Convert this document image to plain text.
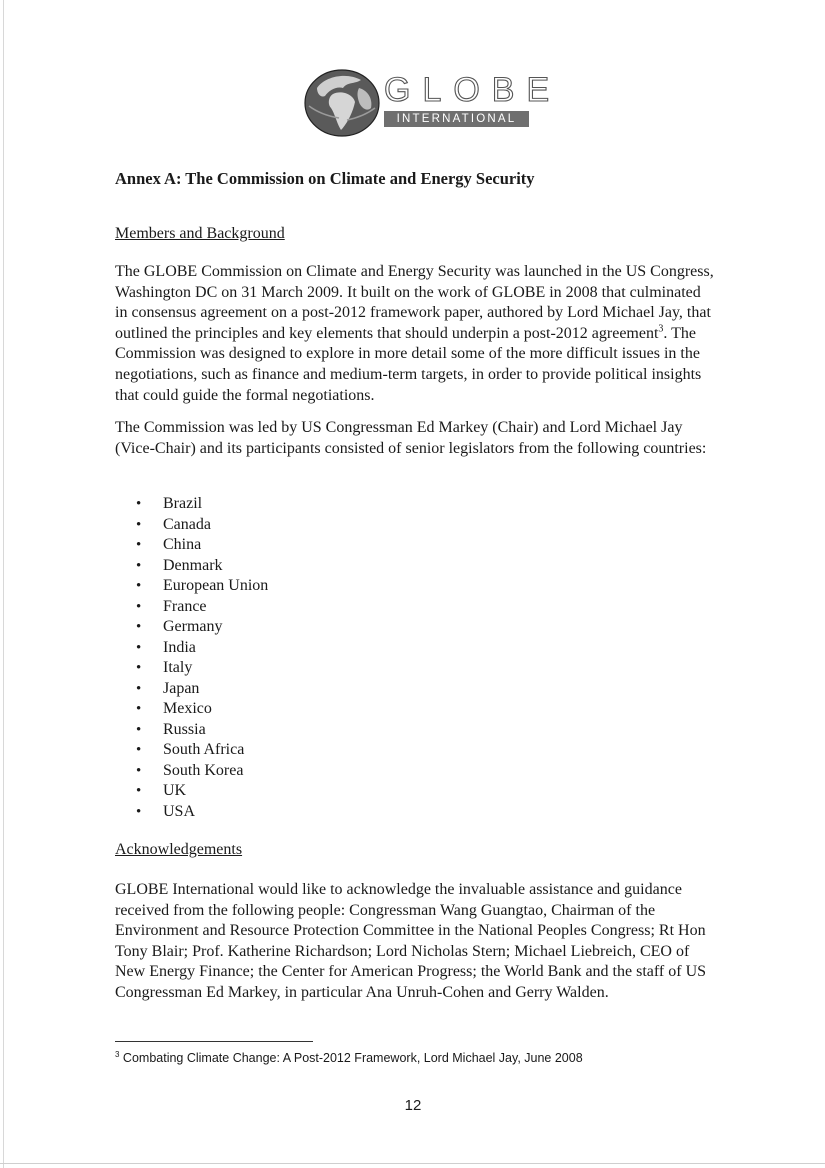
GLOBE
INTERNATIONAL
Annex A: The Commission on Climate and Energy Security
Members and Background

The GLOBE Commission on Climate and Energy Security was launched in the US Congress, Washington DC on 31 March 2009. It built on the work of GLOBE in 2008 that culminated in consensus agreement on a post-2012 framework paper, authored by Lord Michael Jay, that outlined the principles and key elements that should underpin a post-2012 agreement$^3$. The Commission was designed to explore in more detail some of the more difficult issues in the negotiations, such as finance and medium-term targets, in order to provide political insights that could guide the formal negotiations.

The Commission was led by US Congressman Ed Markey (Chair) and Lord Michael Jay (Vice-Chair) and its participants consisted of senior legislators from the following countries:

• Brazil
• Canada
• China
• Denmark
• European Union
• France
• Germany
• India
• Italy
• Japan
• Mexico
• Russia
• South Africa
• South Korea
• UK
• USA
Acknowledgements

GLOBE International would like to acknowledge the invaluable assistance and guidance received from the following people: Congressman Wang Guangtao, Chairman of the Environment and Resource Protection Committee in the National Peoples Congress; Rt Hon Tony Blair; Prof. Katherine Richardson; Lord Nicholas Stern; Michael Liebreich, CEO of New Energy Finance; the Center for American Progress; the World Bank and the staff of US Congressman Ed Markey, in particular Ana Unruh-Cohen and Gerry Walden.

$^3$ Combating Climate Change: A Post-2012 Framework, Lord Michael Jay, June 2008
12
